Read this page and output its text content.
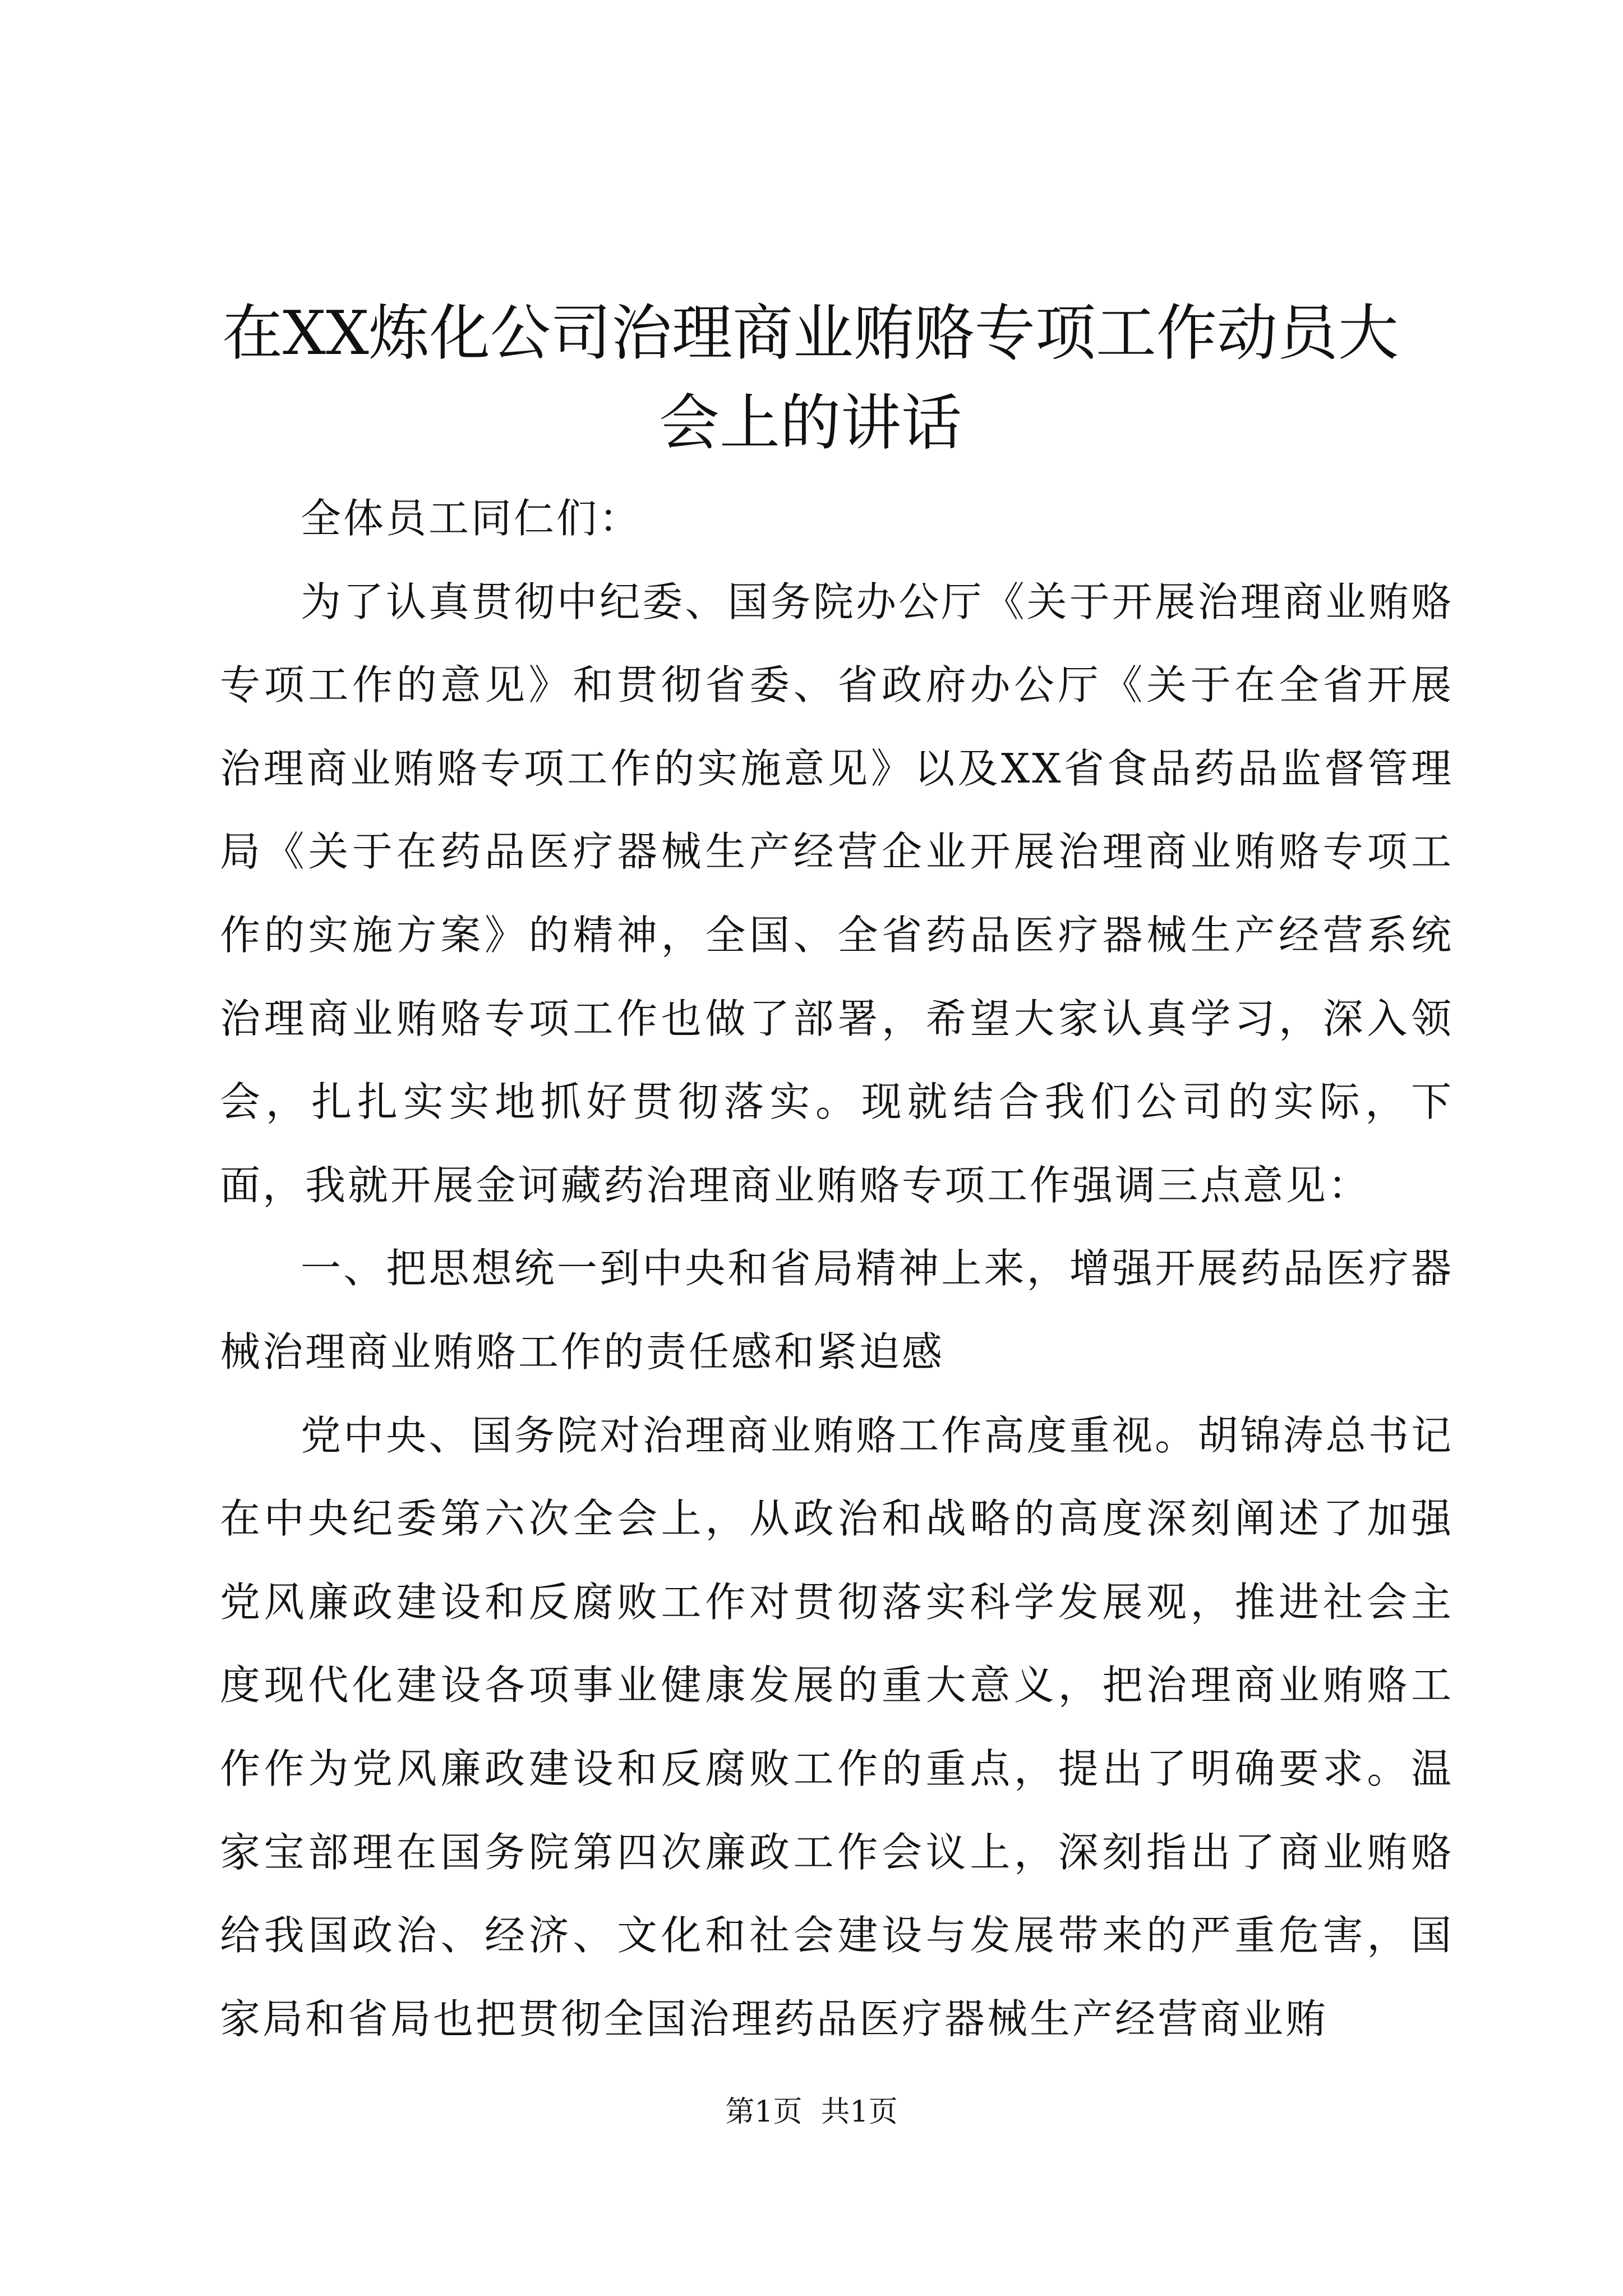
在XX炼化公司治理商业贿赂专项工作动员大会上的讲话

全体员工同仁们：

为了认真贯彻中纪委、国务院办公厅《关于开展治理商业贿赂专项工作的意见》和贯彻省委、省政府办公厅《关于在全省开展治理商业贿赂专项工作的实施意见》以及XX省食品药品监督管理局《关于在药品医疗器械生产经营企业开展治理商业贿赂专项工作的实施方案》的精神，全国、全省药品医疗器械生产经营系统治理商业贿赂专项工作也做了部署，希望大家认真学习，深入领会，扎扎实实地抓好贯彻落实。现就结合我们公司的实际，下面，我就开展金诃藏药治理商业贿赂专项工作强调三点意见：

一、把思想统一到中央和省局精神上来，增强开展药品医疗器械治理商业贿赂工作的责任感和紧迫感

党中央、国务院对治理商业贿赂工作高度重视。胡锦涛总书记在中央纪委第六次全会上，从政治和战略的高度深刻阐述了加强党风廉政建设和反腐败工作对贯彻落实科学发展观，推进社会主度现代化建设各项事业健康发展的重大意义，把治理商业贿赂工作作为党风廉政建设和反腐败工作的重点，提出了明确要求。温家宝部理在国务院第四次廉政工作会议上，深刻指出了商业贿赂给我国政治、经济、文化和社会建设与发展带来的严重危害，国家局和省局也把贯彻全国治理药品医疗器械生产经营商业贿

第1页  共1页
